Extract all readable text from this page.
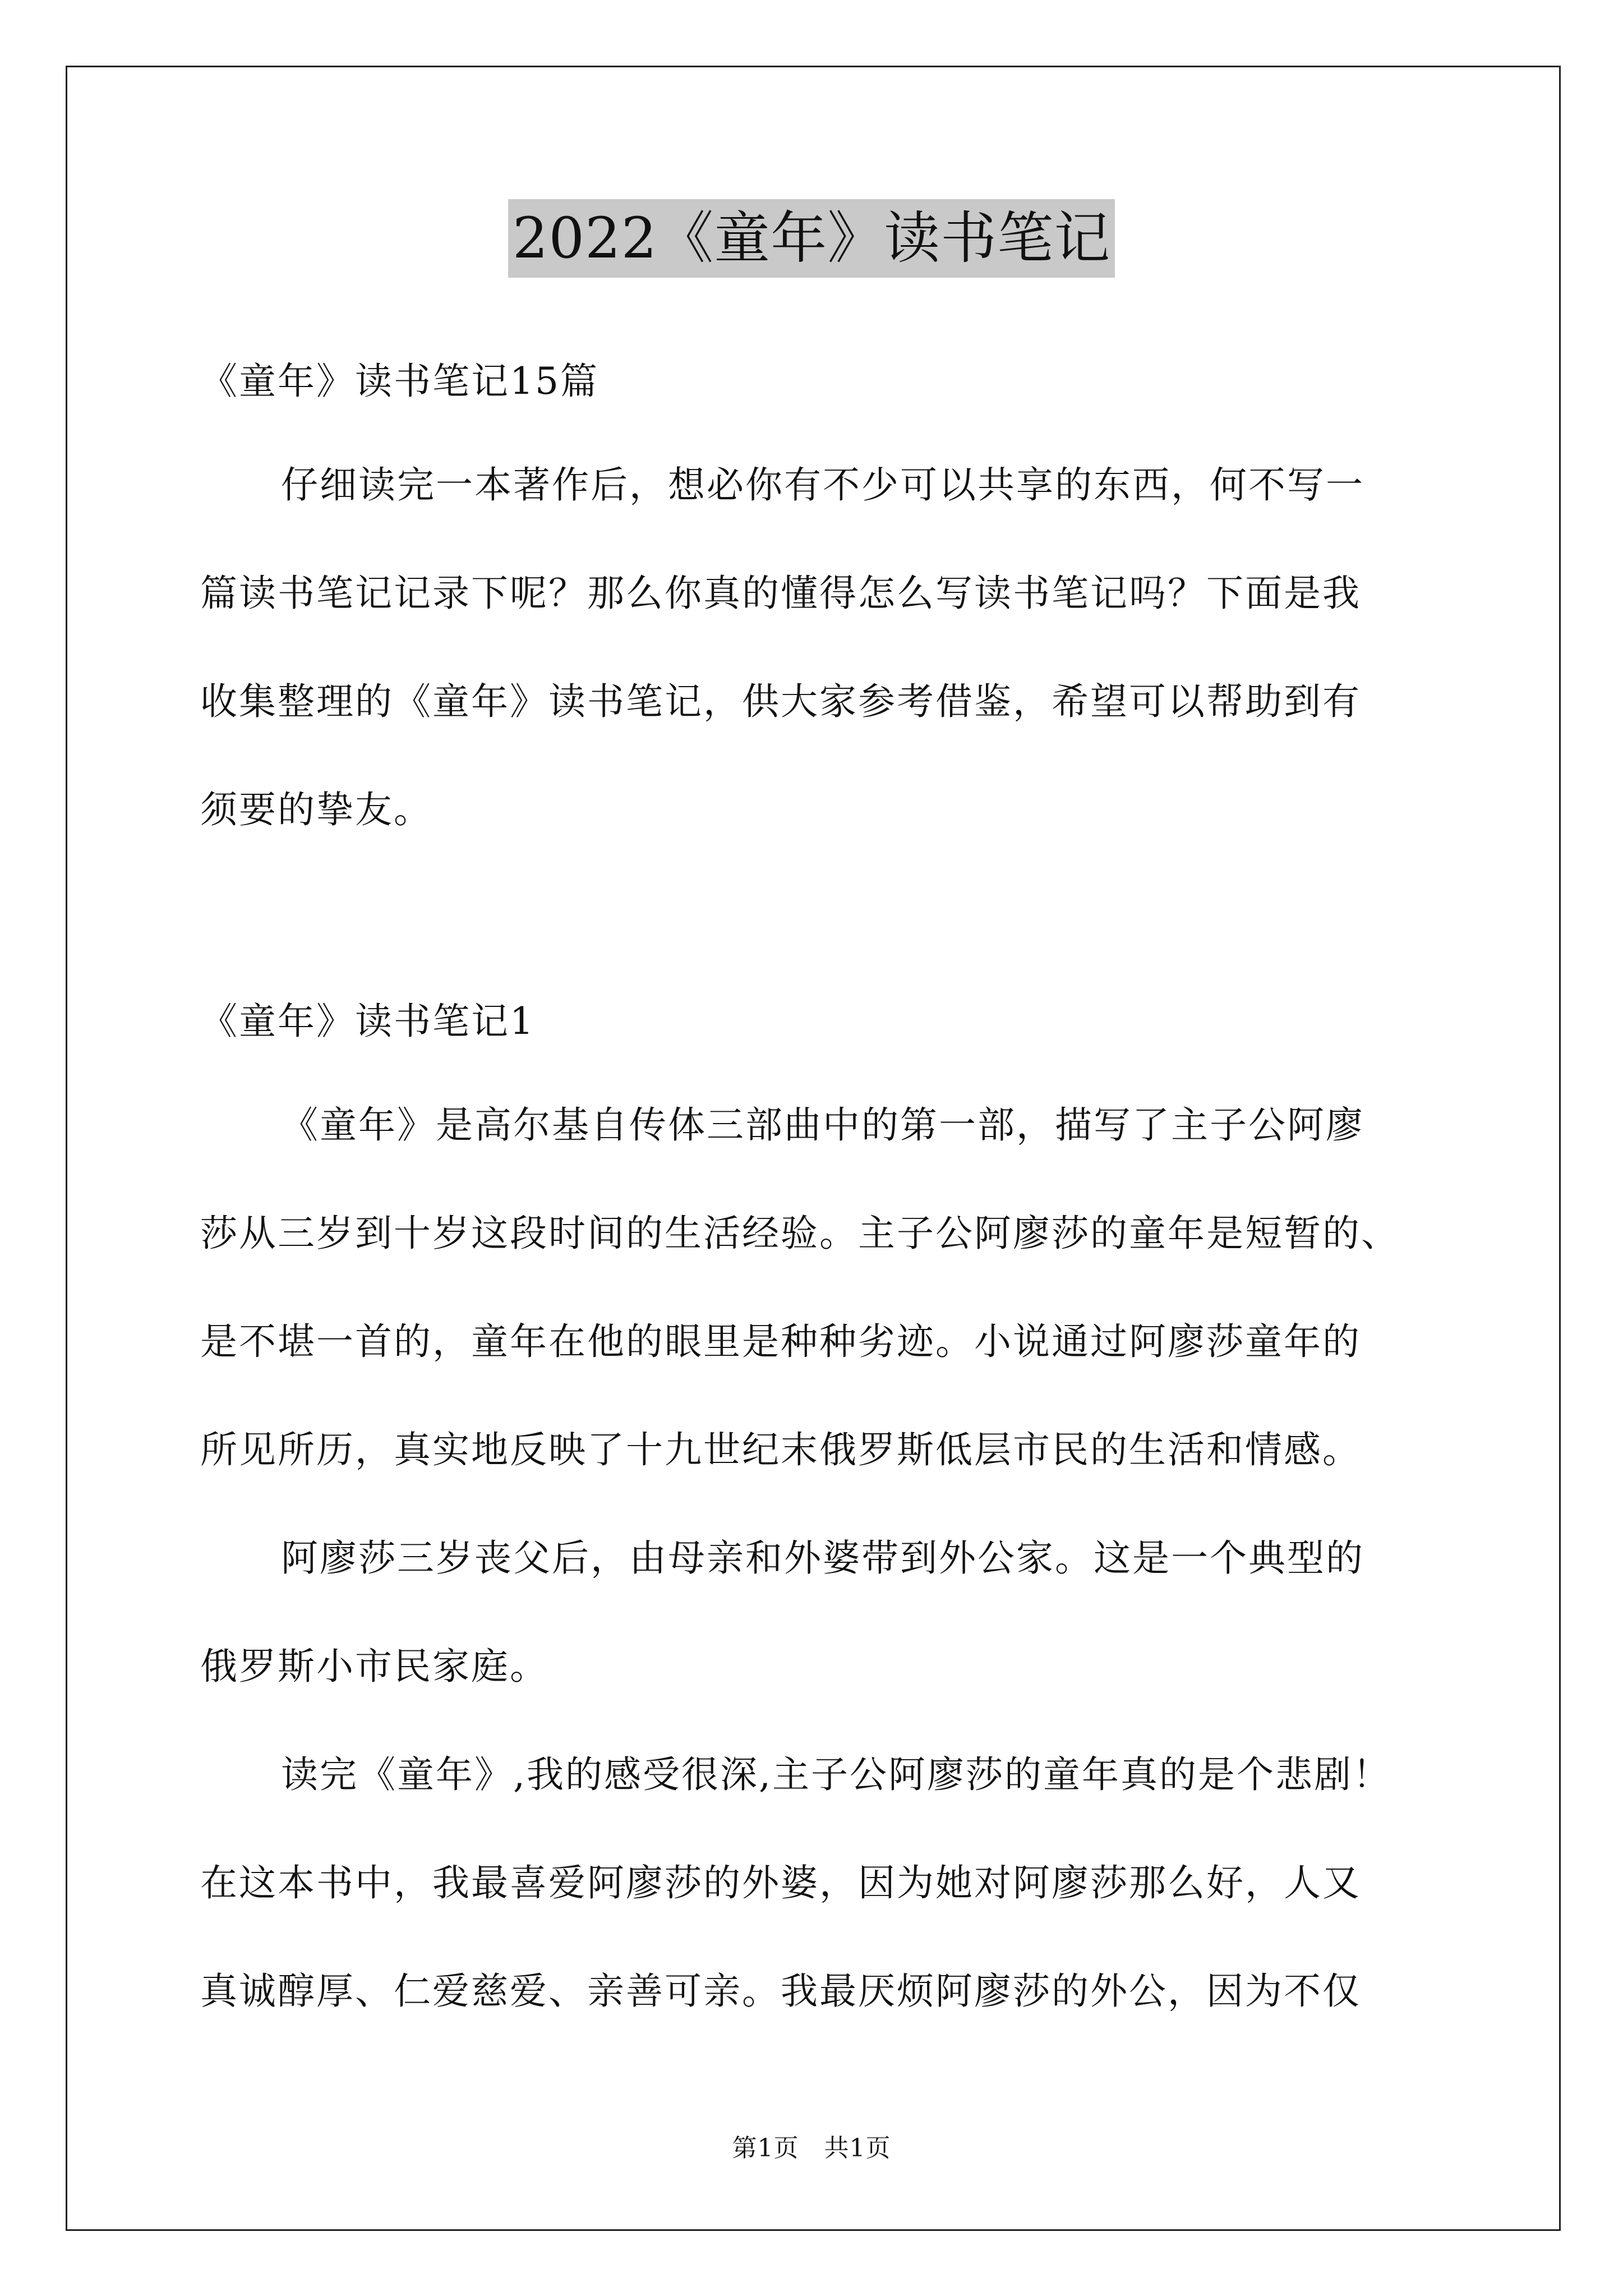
2022《童年》读书笔记
《童年》读书笔记15篇
仔细读完一本著作后，想必你有不少可以共享的东西，何不写一
篇读书笔记记录下呢？那么你真的懂得怎么写读书笔记吗？下面是我
收集整理的《童年》读书笔记，供大家参考借鉴，希望可以帮助到有
须要的挚友。
《童年》读书笔记1
《童年》是高尔基自传体三部曲中的第一部，描写了主子公阿廖
莎从三岁到十岁这段时间的生活经验。主子公阿廖莎的童年是短暂的、
是不堪一首的，童年在他的眼里是种种劣迹。小说通过阿廖莎童年的
所见所历，真实地反映了十九世纪末俄罗斯低层市民的生活和情感。
阿廖莎三岁丧父后，由母亲和外婆带到外公家。这是一个典型的
俄罗斯小市民家庭。
读完《童年》,我的感受很深,主子公阿廖莎的童年真的是个悲剧！
在这本书中，我最喜爱阿廖莎的外婆，因为她对阿廖莎那么好，人又
真诚醇厚、仁爱慈爱、亲善可亲。我最厌烦阿廖莎的外公，因为不仅
第1页　共1页
